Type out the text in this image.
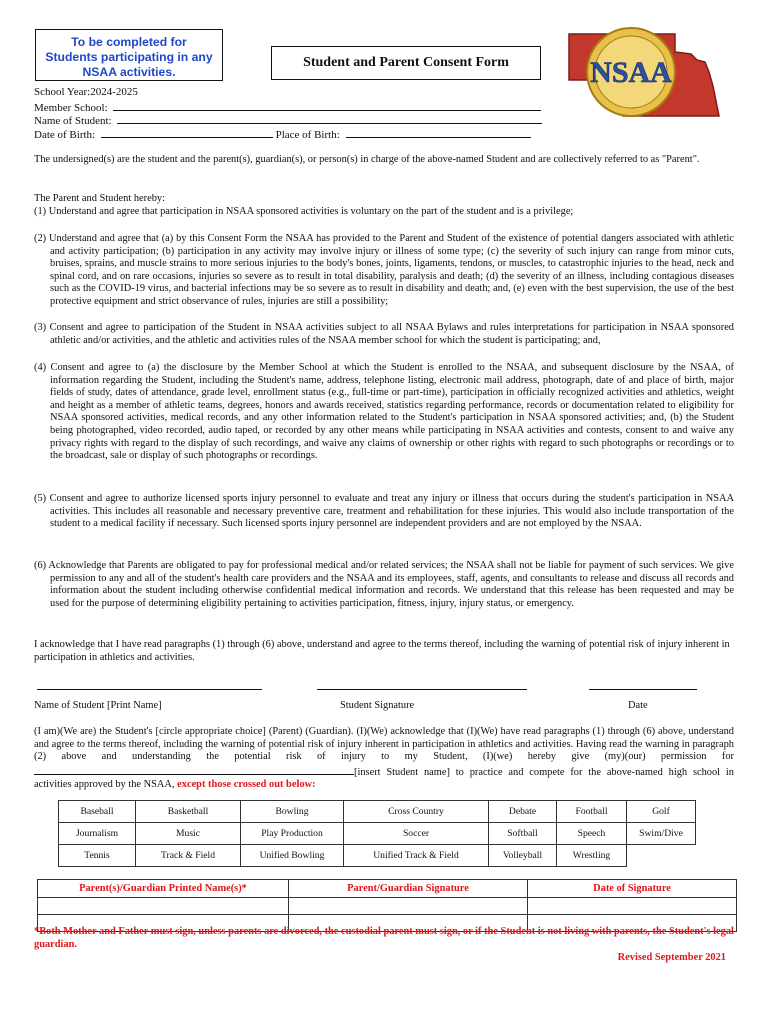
To be completed for
Students participating in any
NSAA activities.
Student and Parent Consent Form	NSAA
School Year:2024-2025
Member School:
Name of Student:
Date of Birth:	Place of Birth:

The undersigned(s) are the student and the parent(s), guardian(s), or person(s) in charge of the above-named Student and are collectively referred to as "Parent".

The Parent and Student hereby:

(1) Understand and agree that participation in NSAA sponsored activities is voluntary on the part of the student and is a privilege;

(2) Understand and agree that (a) by this Consent Form the NSAA has provided to the Parent and Student of the existence of potential dangers associated with athletic and activity participation; (b) participation in any activity may involve injury or illness of some type; (c) the severity of such injury can range from minor cuts, bruises, sprains, and muscle strains to more serious injuries to the body's bones, joints, ligaments, tendons, or muscles, to catastrophic injuries to the head, neck and spinal cord, and on rare occasions, injuries so severe as to result in total disability, paralysis and death; (d) the severity of an illness, including contagious diseases such as the COVID-19 virus, and bacterial infections may be so severe as to result in disability and death; and, (e) even with the best supervision, the use of the best protective equipment and strict observance of rules, injuries are still a possibility;

(3) Consent and agree to participation of the Student in NSAA activities subject to all NSAA Bylaws and rules interpretations for participation in NSAA sponsored athletic and/or activities, and the athletic and activities rules of the NSAA member school for which the student is participating; and,

(4) Consent and agree to (a) the disclosure by the Member School at which the Student is enrolled to the NSAA, and subsequent disclosure by the NSAA, of information regarding the Student, including the Student's name, address, telephone listing, electronic mail address, photograph, date of and place of birth, major fields of study, dates of attendance, grade level, enrollment status (e.g., full-time or part-time), participation in officially recognized activities and athletics, weight and height as a member of athletic teams, degrees, honors and awards received, statistics regarding performance, records or documentation related to eligibility for NSAA sponsored activities, medical records, and any other information related to the Student's participation in NSAA sponsored activities; and, (b) the Student being photographed, video recorded, audio taped, or recorded by any other means while participating in NSAA activities and contests, consent to and waive any privacy rights with regard to the display of such recordings, and waive any claims of ownership or other rights with regard to such photographs or recordings or to the broadcast, sale or display of such photographs or recordings.

(5) Consent and agree to authorize licensed sports injury personnel to evaluate and treat any injury or illness that occurs during the student's participation in NSAA activities. This includes all reasonable and necessary preventive care, treatment and rehabilitation for these injuries. This would also include transportation of the student to a medical facility if necessary. Such licensed sports injury personnel are independent providers and are not employed by the NSAA.

(6) Acknowledge that Parents are obligated to pay for professional medical and/or related services; the NSAA shall not be liable for payment of such services. We give permission to any and all of the student's health care providers and the NSAA and its employees, staff, agents, and consultants to release and discuss all records and information about the student including otherwise confidential medical information and records. We understand that this release has been requested and may be used for the purpose of determining eligibility pertaining to activities participation, fitness, injury, injury status, or emergency.

I acknowledge that I have read paragraphs (1) through (6) above, understand and agree to the terms thereof, including the warning of potential risk of injury inherent in participation in athletics and activities.

Name of Student [Print Name]	Student Signature	Date
(I am)(We are) the Student's [circle appropriate choice] (Parent) (Guardian). (I)(We) acknowledge that (I)(We) have read paragraphs (1) through (6) above, understand and agree to the terms thereof, including the warning of potential risk of injury inherent in participation in athletics and activities. Having read the warning in paragraph (2) above and understanding the potential risk of injury to my Student, (I)(we) hereby give (my)(our) permission for[insert Student name] to practice and compete for the above-named high school in activities approved by the NSAA, except those crossed out below:
Baseball	Basketball	Bowling	Cross Country	Debate	Football	Golf
Journalism	Music	Play Production	Soccer	Softball	Speech	Swim/Dive
Tennis	Track & Field	Unified Bowling	Unified Track & Field	Volleyball	Wrestling	
Parent(s)/Guardian Printed Name(s)*	Parent/Guardian Signature	Date of Signature

*Both Mother and Father must sign, unless parents are divorced, the custodial parent must sign, or if the Student is not living with parents, the Student's legal guardian.
Revised September 2021
